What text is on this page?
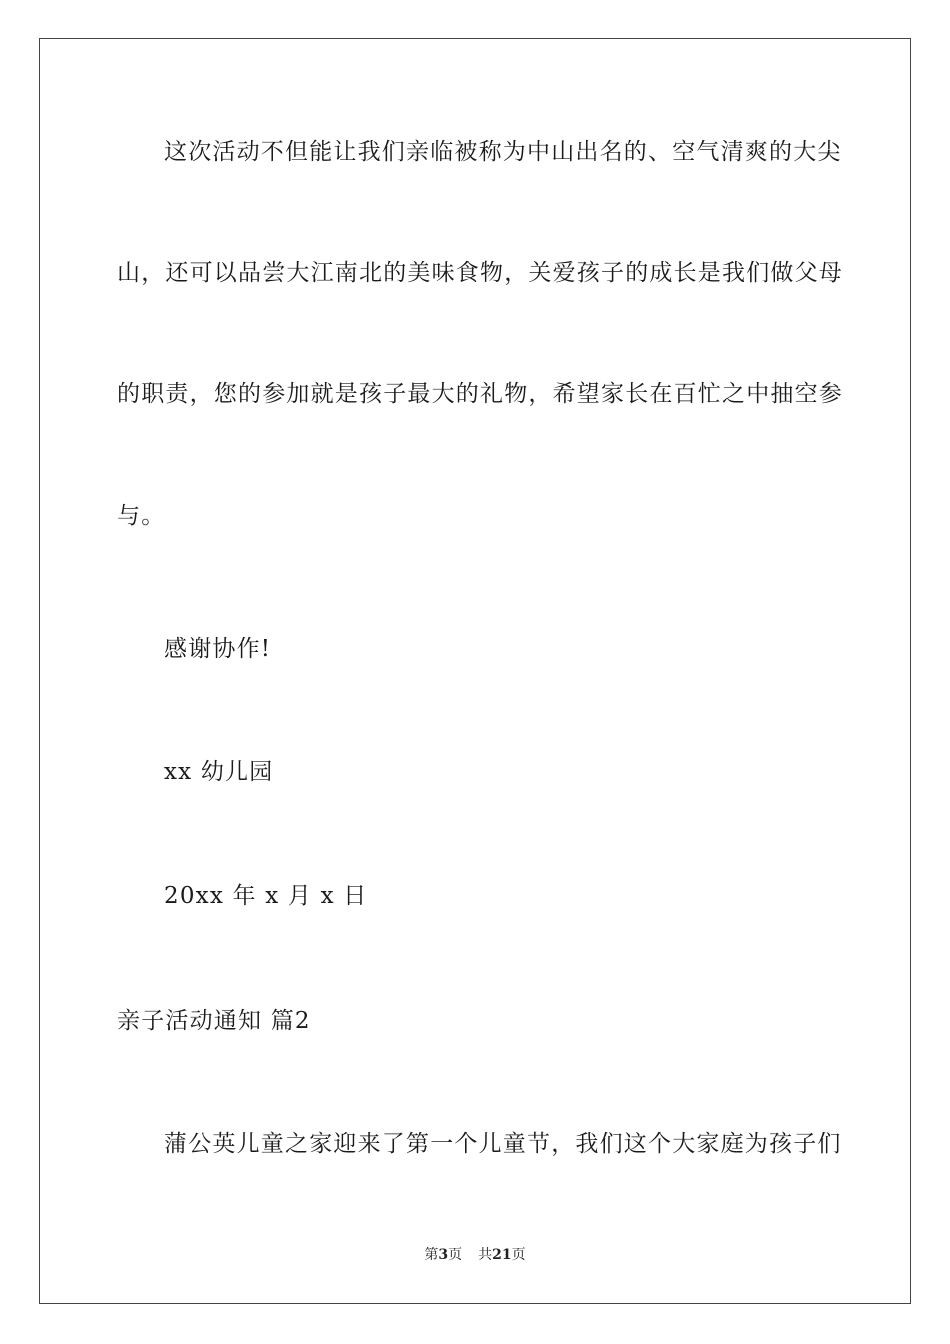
这次活动不但能让我们亲临被称为中山出名的、空气清爽的大尖
山，还可以品尝大江南北的美味食物，关爱孩子的成长是我们做父母
的职责，您的参加就是孩子最大的礼物，希望家长在百忙之中抽空参
与。
感谢协作!
xx 幼儿园
20xx 年 x 月 x 日
亲子活动通知 篇2
蒲公英儿童之家迎来了第一个儿童节，我们这个大家庭为孩子们
第3页 共21页
